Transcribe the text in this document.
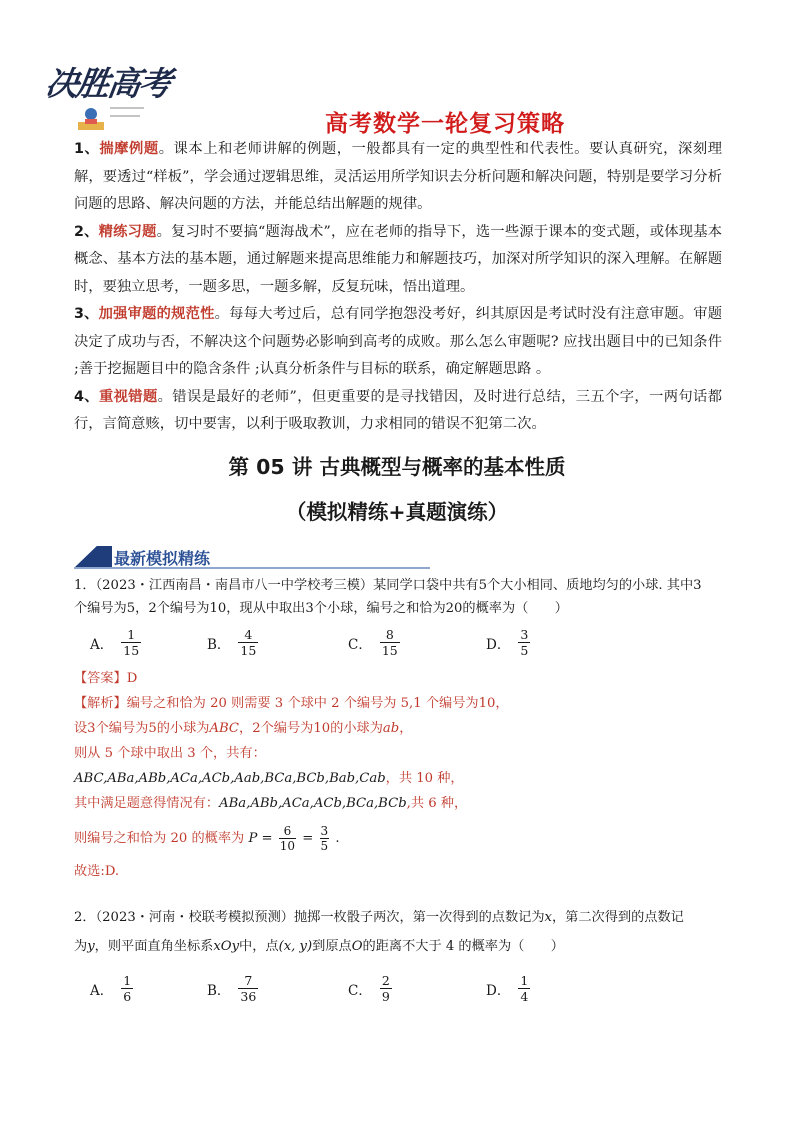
决胜高考
高考数学一轮复习策略

1、揣摩例题。课本上和老师讲解的例题，一般都具有一定的典型性和代表性。要认真研究，深刻理解，要透过“样板”，学会通过逻辑思维，灵活运用所学知识去分析问题和解决问题，特别是要学习分析问题的思路、解决问题的方法，并能总结出解题的规律。

2、精练习题。复习时不要搞“题海战术”，应在老师的指导下，选一些源于课本的变式题，或体现基本概念、基本方法的基本题，通过解题来提高思维能力和解题技巧，加深对所学知识的深入理解。在解题时，要独立思考，一题多思，一题多解，反复玩味，悟出道理。

3、加强审题的规范性。每每大考过后，总有同学抱怨没考好，纠其原因是考试时没有注意审题。审题决定了成功与否，不解决这个问题势必影响到高考的成败。那么怎么审题呢? 应找出题目中的已知条件 ;善于挖掘题目中的隐含条件 ;认真分析条件与目标的联系，确定解题思路 。

4、重视错题。错误是最好的老师”，但更重要的是寻找错因，及时进行总结，三五个字，一两句话都行，言简意赅，切中要害，以利于吸取教训，力求相同的错误不犯第二次。

第 05 讲 古典概型与概率的基本性质
（模拟精练+真题演练）
最新模拟精练

1．（2023・江西南昌・南昌市八一中学校考三模）某同学口袋中共有5个大小相同、质地均匀的小球. 其中3

个编号为5，2个编号为10，现从中取出3个小球，编号之和恰为20的概率为（　　）

A． $\frac{1}{15}$	B． $\frac{4}{15}$	C． $\frac{8}{15}$	D． $\frac{3}{5}$

【答案】D

【解析】编号之和恰为 20 则需要 3 个球中 2 个编号为 5,1 个编号为10，

设3个编号为5的小球为ABC，2个编号为10的小球为ab，

则从 5 个球中取出 3 个，共有：

ABC,ABa,ABb,ACa,ACb,Aab,BCa,BCb,Bab,Cab，共 10 种，

其中满足题意得情况有：ABa,ABb,ACa,ACb,BCa,BCb,共 6 种，

则编号之和恰为 20 的概率为 $P = \frac{6}{10} = \frac{3}{5}$ .

故选:D.

2．（2023・河南・校联考模拟预测）抛掷一枚骰子两次，第一次得到的点数记为x，第二次得到的点数记

为y，则平面直角坐标系xOy中，点(x, y)到原点O的距离不大于 4 的概率为（　　）

A． $\frac{1}{6}$	B． $\frac{7}{36}$	C． $\frac{2}{9}$	D． $\frac{1}{4}$
